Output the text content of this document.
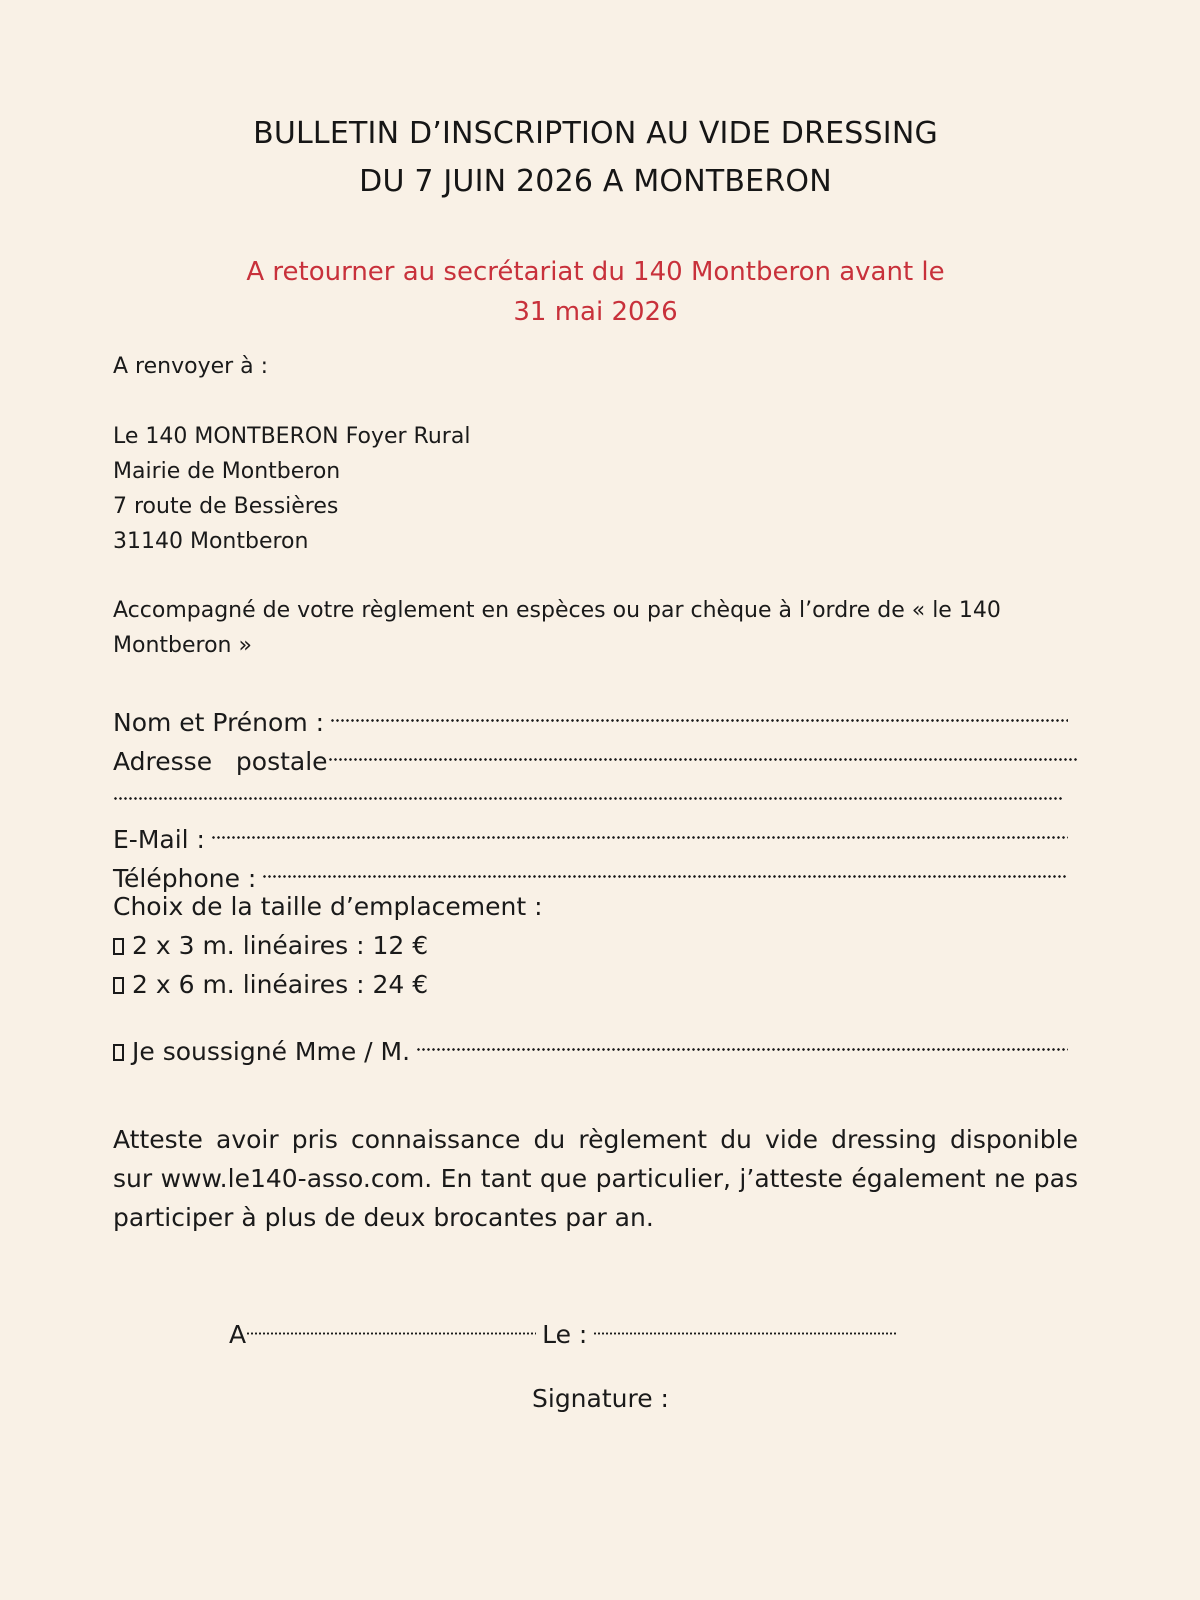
BULLETIN D’INSCRIPTION AU VIDE DRESSING
DU 7 JUIN 2026 A MONTBERON
A retourner au secrétariat du 140 Montberon avant le
31 mai 2026
A renvoyer à :
Le 140 MONTBERON Foyer Rural
Mairie de Montberon
7 route de Bessières
31140 Montberon
Accompagné de votre règlement en espèces ou par chèque à l’ordre de « le 140 Montberon »
Nom et Prénom :
Adresse   postale
E-Mail :
Téléphone :
Choix de la taille d’emplacement :
2 x 3 m. linéaires : 12 €
2 x 6 m. linéaires : 24 €
Je soussigné Mme / M.

Atteste avoir pris connaissance du règlement du vide dressing disponible sur www.le140-asso.com. En tant que particulier, j’atteste également ne pas participer à plus de deux brocantes par an.

A	Le :
Signature :
